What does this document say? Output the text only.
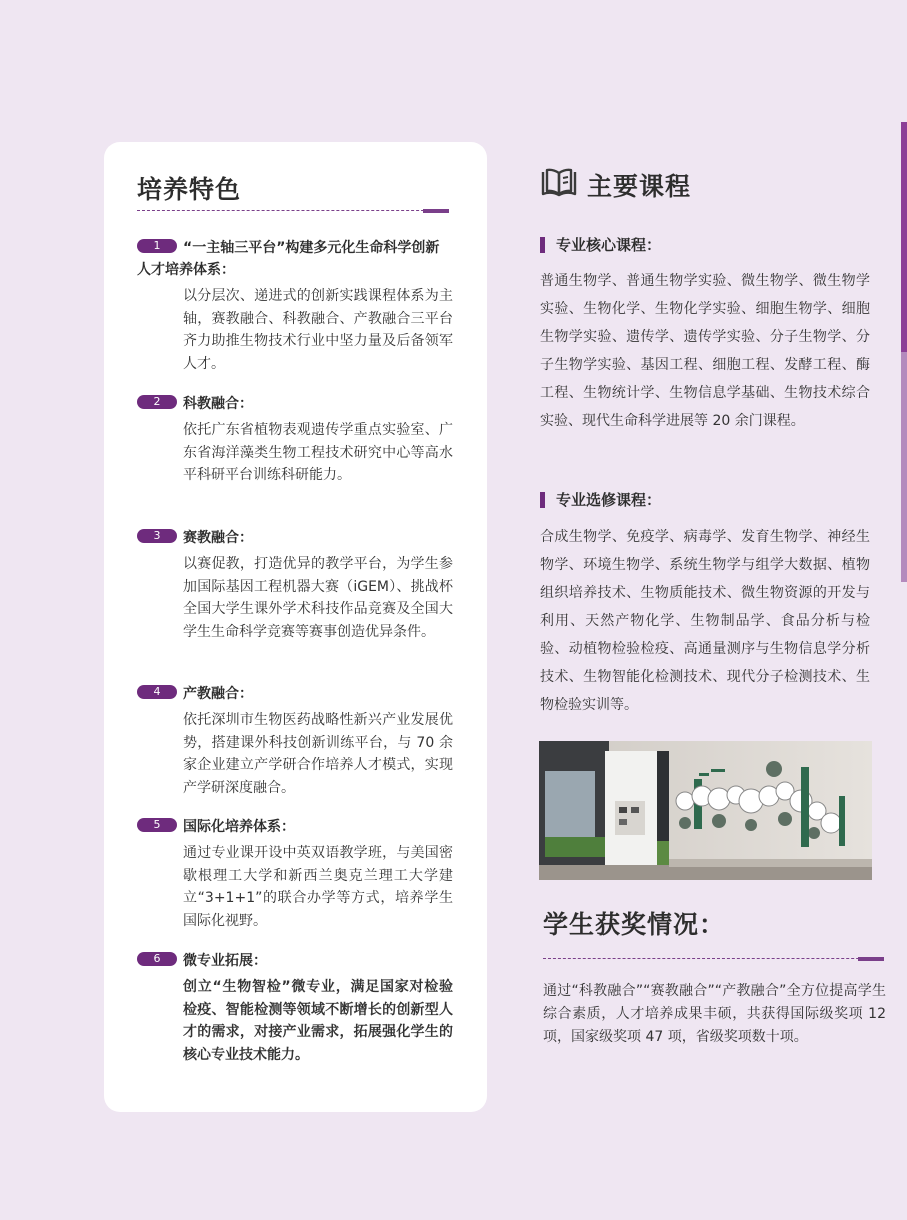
培养特色
1	“一主轴三平台”构建多元化生命科学创新人才培养体系：
以分层次、递进式的创新实践课程体系为主轴，赛教融合、科教融合、产教融合三平台齐力助推生物技术行业中坚力量及后备领军人才。
2	科教融合：
依托广东省植物表观遗传学重点实验室、广东省海洋藻类生物工程技术研究中心等高水平科研平台训练科研能力。
3	赛教融合：
以赛促教，打造优异的教学平台，为学生参加国际基因工程机器大赛（iGEM）、挑战杯全国大学生课外学术科技作品竞赛及全国大学生生命科学竞赛等赛事创造优异条件。
4	产教融合：
依托深圳市生物医药战略性新兴产业发展优势，搭建课外科技创新训练平台，与 70 余家企业建立产学研合作培养人才模式，实现产学研深度融合。
5	国际化培养体系：
通过专业课开设中英双语教学班，与美国密歇根理工大学和新西兰奥克兰理工大学建立“3+1+1”的联合办学等方式，培养学生国际化视野。
6	微专业拓展：
创立“生物智检”微专业，满足国家对检验检疫、智能检测等领域不断增长的创新型人才的需求，对接产业需求，拓展强化学生的核心专业技术能力。
主要课程
专业核心课程：

普通生物学、普通生物学实验、微生物学、微生物学实验、生物化学、生物化学实验、细胞生物学、细胞生物学实验、遗传学、遗传学实验、分子生物学、分子生物学实验、基因工程、细胞工程、发酵工程、酶工程、生物统计学、生物信息学基础、生物技术综合实验、现代生命科学进展等 20 余门课程。

专业选修课程：

合成生物学、免疫学、病毒学、发育生物学、神经生物学、环境生物学、系统生物学与组学大数据、植物组织培养技术、生物质能技术、微生物资源的开发与利用、天然产物化学、生物制品学、食品分析与检验、动植物检验检疫、高通量测序与生物信息学分析技术、生物智能化检测技术、现代分子检测技术、生物检验实训等。

学生获奖情况：

通过“科教融合”“赛教融合”“产教融合”全方位提高学生综合素质，人才培养成果丰硕，共获得国际级奖项 12 项，国家级奖项 47 项，省级奖项数十项。
